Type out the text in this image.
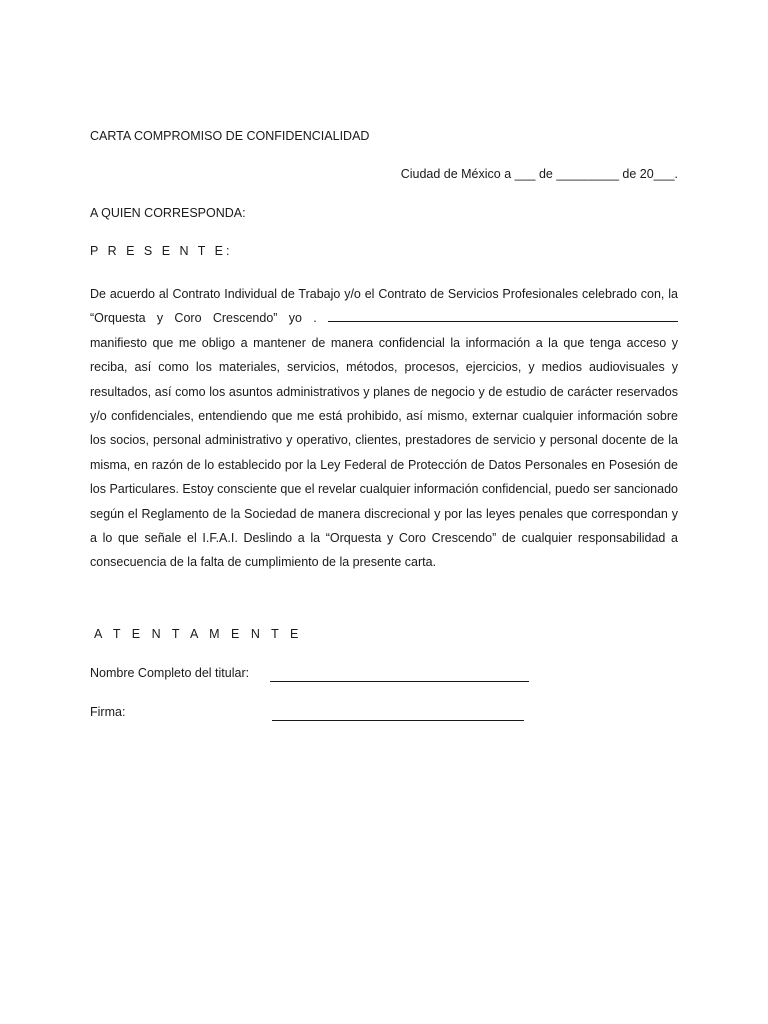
CARTA COMPROMISO DE CONFIDENCIALIDAD
Ciudad de México a ___ de _________ de 20___.
A QUIEN CORRESPONDA:
P R E S E N T E:

De acuerdo al Contrato Individual de Trabajo y/o el Contrato de Servicios Profesionales celebrado con, la “Orquesta y Coro Crescendo” yo .  manifiesto que me obligo a mantener de manera confidencial la información a la que tenga acceso y reciba, así como los materiales, servicios, métodos, procesos, ejercicios, y medios audiovisuales y resultados, así como los asuntos administrativos y planes de negocio y de estudio de carácter reservados y/o confidenciales, entendiendo que me está prohibido, así mismo, externar cualquier información sobre los socios, personal administrativo y operativo, clientes, prestadores de servicio y personal docente de la misma, en razón de lo establecido por la Ley Federal de Protección de Datos Personales en Posesión de los Particulares. Estoy consciente que el revelar cualquier información confidencial, puedo ser sancionado según el Reglamento de la Sociedad de manera discrecional y por las leyes penales que correspondan y a lo que señale el I.F.A.I. Deslindo a la “Orquesta y Coro Crescendo” de cualquier responsabilidad a consecuencia de la falta de cumplimiento de la presente carta.

A T E N T A M E N T E
Nombre Completo del titular:
Firma:
